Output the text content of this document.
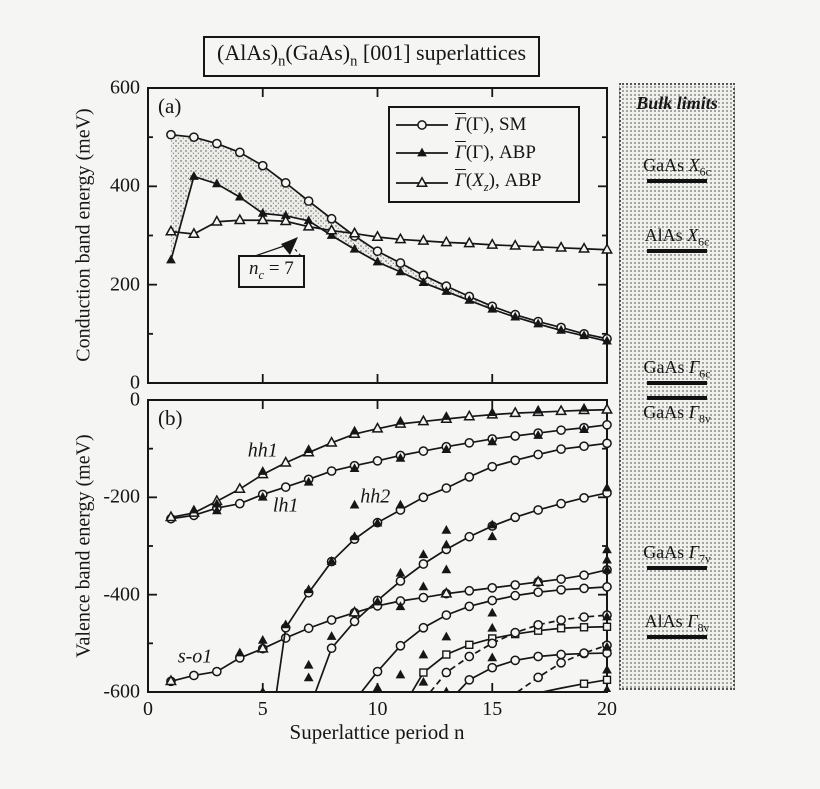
$(AlAs)_n(GaAs)_n$ [001] superlattices
(a)
(b)
Conduction band energy (meV)
Valence band energy (meV)
Superlattice period n
600
400
200
0
0
-200
-400
-600
0	5	10	15	20
$\overline{\Gamma}(\Gamma)$, SM
$\overline{\Gamma}(\Gamma)$, ABP
$\overline{\Gamma}(X_z)$, ABP
$n_c = 7$
hh1
lh1	hh2
s-o1
Bulk limits
GaAs $X_{6c}$
AlAs $X_{6c}$
GaAs $\Gamma_{6c}$
GaAs $\Gamma_{8v}$
GaAs $\Gamma_{7v}$
AlAs $\Gamma_{8v}$
